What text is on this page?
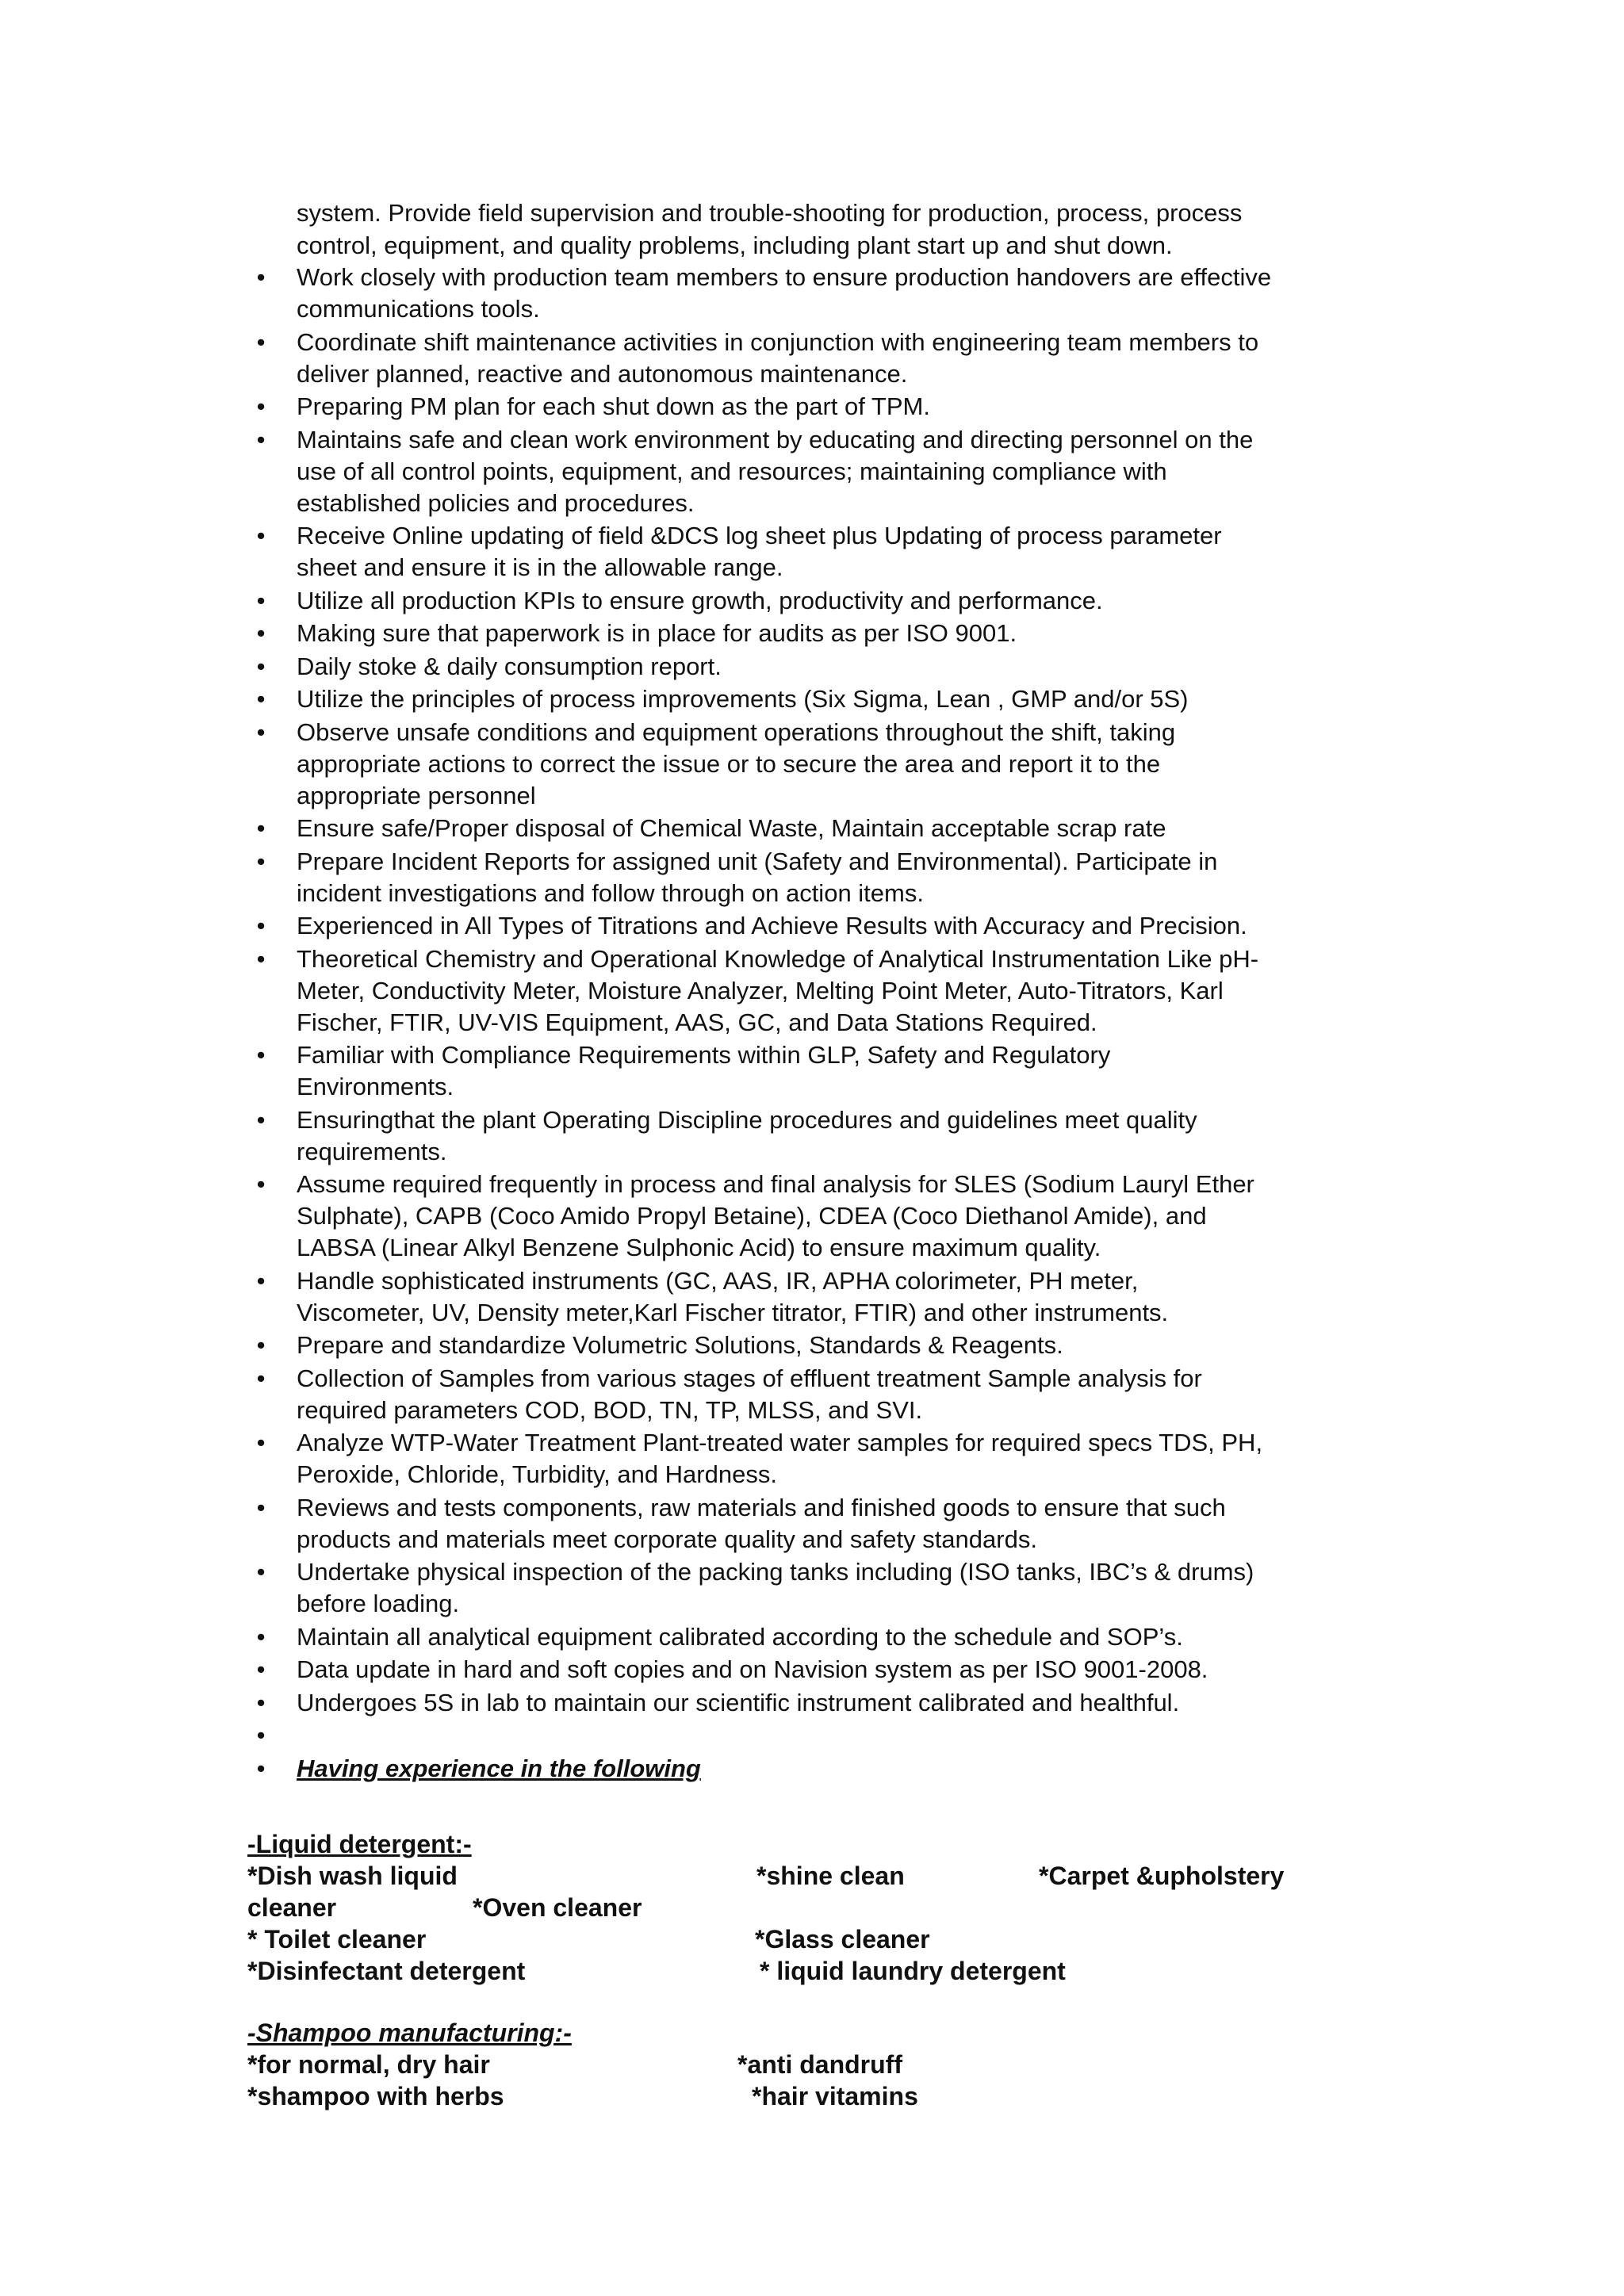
system. Provide field supervision and trouble-shooting for production, process, process
control, equipment, and quality problems, including plant start up and shut down.
•	Work closely with production team members to ensure production handovers are effective
communications tools.
•	Coordinate shift maintenance activities in conjunction with engineering team members to
deliver planned, reactive and autonomous maintenance.
•	Preparing PM plan for each shut down as the part of TPM.
•	Maintains safe and clean work environment by educating and directing personnel on the
use of all control points, equipment, and resources; maintaining compliance with
established policies and procedures.
•	Receive Online updating of field &DCS log sheet plus Updating of process parameter
sheet and ensure it is in the allowable range.
•	Utilize all production KPIs to ensure growth, productivity and performance.
•	Making sure that paperwork is in place for audits as per ISO 9001.
•	Daily stoke & daily consumption report.
•	Utilize the principles of process improvements (Six Sigma, Lean , GMP and/or 5S)
•	Observe unsafe conditions and equipment operations throughout the shift, taking
appropriate actions to correct the issue or to secure the area and report it to the
appropriate personnel
•	Ensure safe/Proper disposal of Chemical Waste, Maintain acceptable scrap rate
•	Prepare Incident Reports for assigned unit (Safety and Environmental). Participate in
incident investigations and follow through on action items.
•	Experienced in All Types of Titrations and Achieve Results with Accuracy and Precision.
•	Theoretical Chemistry and Operational Knowledge of Analytical Instrumentation Like pH-
Meter, Conductivity Meter, Moisture Analyzer, Melting Point Meter, Auto-Titrators, Karl
Fischer, FTIR, UV-VIS Equipment, AAS, GC, and Data Stations Required.
•	Familiar with Compliance Requirements within GLP, Safety and Regulatory
Environments.
•	Ensuringthat the plant Operating Discipline procedures and guidelines meet quality
requirements.
•	Assume required frequently in process and final analysis for SLES (Sodium Lauryl Ether
Sulphate), CAPB (Coco Amido Propyl Betaine), CDEA (Coco Diethanol Amide), and
LABSA (Linear Alkyl Benzene Sulphonic Acid) to ensure maximum quality.
•	Handle sophisticated instruments (GC, AAS, IR, APHA colorimeter, PH meter,
Viscometer, UV, Density meter,Karl Fischer titrator, FTIR) and other instruments.
•	Prepare and standardize Volumetric Solutions, Standards & Reagents.
•	Collection of Samples from various stages of effluent treatment Sample analysis for
required parameters COD, BOD, TN, TP, MLSS, and SVI.
•	Analyze WTP-Water Treatment Plant-treated water samples for required specs TDS, PH,
Peroxide, Chloride, Turbidity, and Hardness.
•	Reviews and tests components, raw materials and finished goods to ensure that such
products and materials meet corporate quality and safety standards.
•	Undertake physical inspection of the packing tanks including (ISO tanks, IBC’s & drums)
before loading.
•	Maintain all analytical equipment calibrated according to the schedule and SOP’s.
•	Data update in hard and soft copies and on Navision system as per ISO 9001-2008.
•	Undergoes 5S in lab to maintain our scientific instrument calibrated and healthful.
•
•	Having experience in the following
-Liquid detergent:-
*Dish wash liquid	*shine clean	*Carpet &upholstery
cleaner	*Oven cleaner
* Toilet cleaner	*Glass cleaner
*Disinfectant detergent	* liquid laundry detergent
-Shampoo manufacturing:-
*for normal, dry hair	*anti dandruff
*shampoo with herbs	*hair vitamins
